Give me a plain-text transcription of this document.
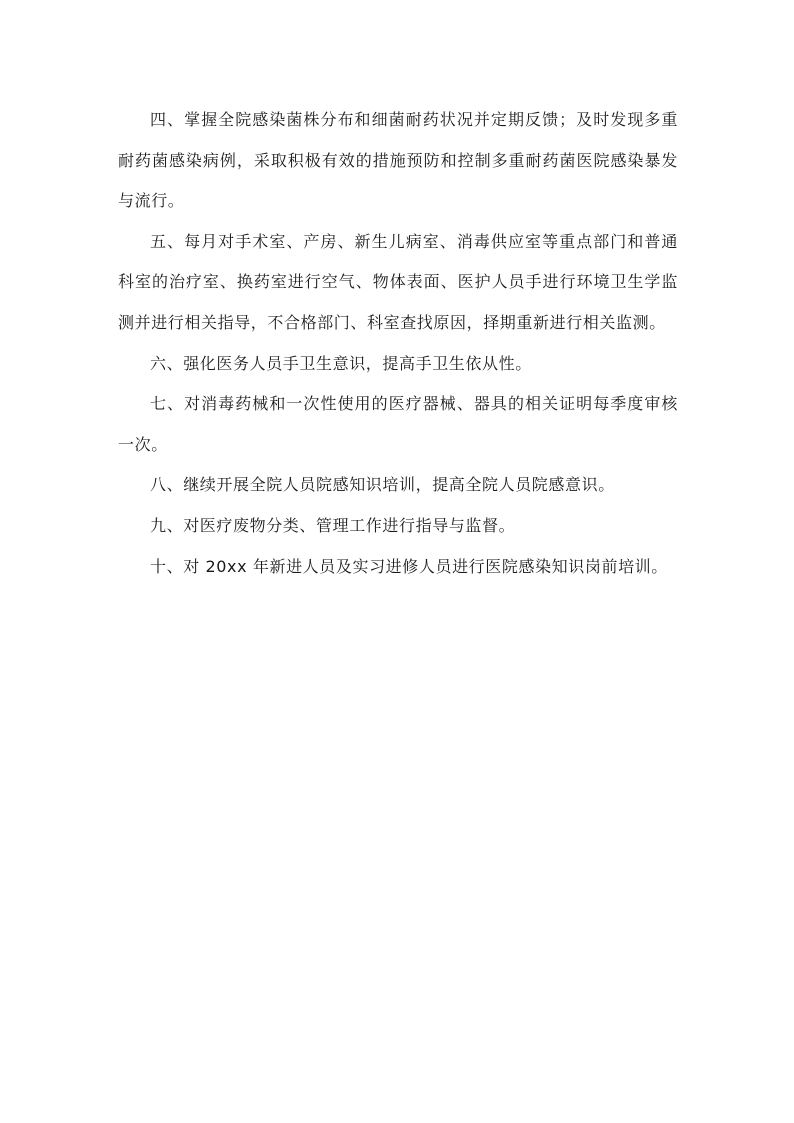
四、掌握全院感染菌株分布和细菌耐药状况并定期反馈；及时发现多重耐药菌感染病例，采取积极有效的措施预防和控制多重耐药菌医院感染暴发与流行。

五、每月对手术室、产房、新生儿病室、消毒供应室等重点部门和普通科室的治疗室、换药室进行空气、物体表面、医护人员手进行环境卫生学监测并进行相关指导，不合格部门、科室查找原因，择期重新进行相关监测。

六、强化医务人员手卫生意识，提高手卫生依从性。

七、对消毒药械和一次性使用的医疗器械、器具的相关证明每季度审核一次。

八、继续开展全院人员院感知识培训，提高全院人员院感意识。

九、对医疗废物分类、管理工作进行指导与监督。

十、对 20xx 年新进人员及实习进修人员进行医院感染知识岗前培训。
